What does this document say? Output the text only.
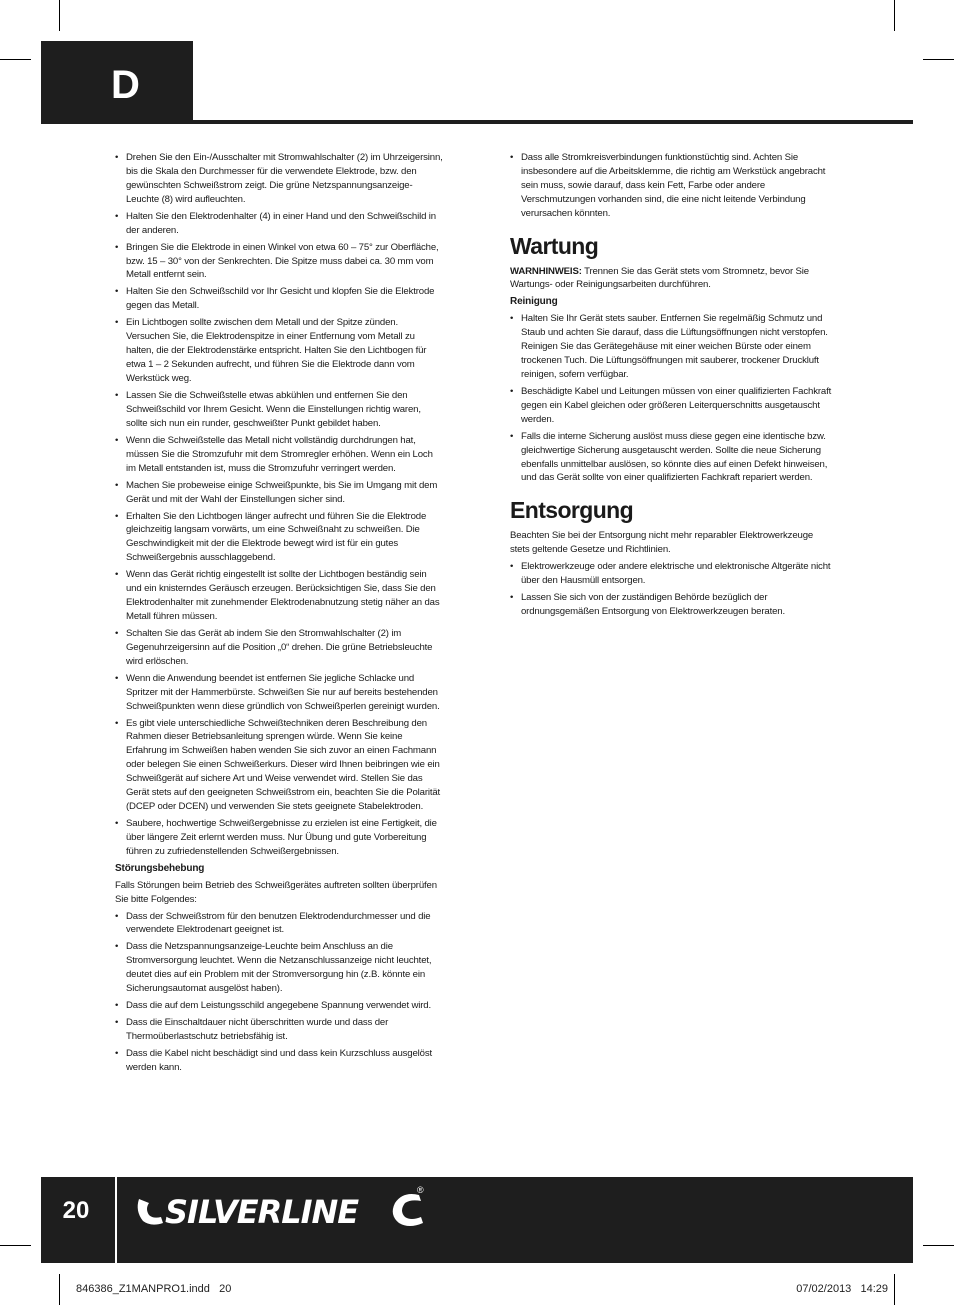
D
• Drehen Sie den Ein-/Ausschalter mit Stromwahlschalter (2) im Uhrzeigersinn, bis die Skala den Durchmesser für die verwendete Elektrode, bzw. den gewünschten Schweißstrom zeigt. Die grüne Netzspannungsanzeige-Leuchte (8) wird aufleuchten.
• Halten Sie den Elektrodenhalter (4) in einer Hand und den Schweißschild in der anderen.
• Bringen Sie die Elektrode in einen Winkel von etwa 60 – 75° zur Oberfläche, bzw. 15 – 30° von der Senkrechten. Die Spitze muss dabei ca. 30 mm vom Metall entfernt sein.
• Halten Sie den Schweißschild vor Ihr Gesicht und klopfen Sie die Elektrode gegen das Metall.
• Ein Lichtbogen sollte zwischen dem Metall und der Spitze zünden. Versuchen Sie, die Elektrodenspitze in einer Entfernung vom Metall zu halten, die der Elektrodenstärke entspricht. Halten Sie den Lichtbogen für etwa 1 – 2 Sekunden aufrecht, und führen Sie die Elektrode dann vom Werkstück weg.
• Lassen Sie die Schweißstelle etwas abkühlen und entfernen Sie den Schweißschild vor Ihrem Gesicht. Wenn die Einstellungen richtig waren, sollte sich nun ein runder, geschweißter Punkt gebildet haben.
• Wenn die Schweißstelle das Metall nicht vollständig durchdrungen hat, müssen Sie die Stromzufuhr mit dem Stromregler erhöhen. Wenn ein Loch im Metall entstanden ist, muss die Stromzufuhr verringert werden.
• Machen Sie probeweise einige Schweißpunkte, bis Sie im Umgang mit dem Gerät und mit der Wahl der Einstellungen sicher sind.
• Erhalten Sie den Lichtbogen länger aufrecht und führen Sie die Elektrode gleichzeitig langsam vorwärts, um eine Schweißnaht zu schweißen. Die Geschwindigkeit mit der die Elektrode bewegt wird ist für ein gutes Schweißergebnis ausschlaggebend.
• Wenn das Gerät richtig eingestellt ist sollte der Lichtbogen beständig sein und ein knisterndes Geräusch erzeugen. Berücksichtigen Sie, dass Sie den Elektrodenhalter mit zunehmender Elektrodenabnutzung stetig näher an das Metall führen müssen.
• Schalten Sie das Gerät ab indem Sie den Stromwahlschalter (2) im Gegenuhrzeigersinn auf die Position „0“ drehen. Die grüne Betriebsleuchte wird erlöschen.
• Wenn die Anwendung beendet ist entfernen Sie jegliche Schlacke und Spritzer mit der Hammerbürste. Schweißen Sie nur auf bereits bestehenden Schweißpunkten wenn diese gründlich von Schweißperlen gereinigt wurden.
• Es gibt viele unterschiedliche Schweißtechniken deren Beschreibung den Rahmen dieser Betriebsanleitung sprengen würde. Wenn Sie keine Erfahrung im Schweißen haben wenden Sie sich zuvor an einen Fachmann oder belegen Sie einen Schweißerkurs. Dieser wird Ihnen beibringen wie ein Schweißgerät auf sichere Art und Weise verwendet wird. Stellen Sie das Gerät stets auf den geeigneten Schweißstrom ein, beachten Sie die Polarität (DCEP oder DCEN) und verwenden Sie stets geeignete Stabelektroden.
• Saubere, hochwertige Schweißergebnisse zu erzielen ist eine Fertigkeit, die über längere Zeit erlernt werden muss. Nur Übung und gute Vorbereitung führen zu zufriedenstellenden Schweißergebnissen.
Störungsbehebung
Falls Störungen beim Betrieb des Schweißgerätes auftreten sollten überprüfen Sie bitte Folgendes:
• Dass der Schweißstrom für den benutzen Elektrodendurchmesser und die verwendete Elektrodenart geeignet ist.
• Dass die Netzspannungsanzeige-Leuchte beim Anschluss an die Stromversorgung leuchtet. Wenn die Netzanschlussanzeige nicht leuchtet, deutet dies auf ein Problem mit der Stromversorgung hin (z.B. könnte ein Sicherungsautomat ausgelöst haben).
• Dass die auf dem Leistungsschild angegebene Spannung verwendet wird.
• Dass die Einschaltdauer nicht überschritten wurde und dass der Thermoüberlastschutz betriebsfähig ist.
• Dass die Kabel nicht beschädigt sind und dass kein Kurzschluss ausgelöst werden kann.
• Dass alle Stromkreisverbindungen funktionstüchtig sind. Achten Sie insbesondere auf die Arbeitsklemme, die richtig am Werkstück angebracht sein muss, sowie darauf, dass kein Fett, Farbe oder andere Verschmutzungen vorhanden sind, die eine nicht leitende Verbindung verursachen könnten.
Wartung
WARNHINWEIS: Trennen Sie das Gerät stets vom Stromnetz, bevor Sie Wartungs- oder Reinigungsarbeiten durchführen.
Reinigung
• Halten Sie Ihr Gerät stets sauber. Entfernen Sie regelmäßig Schmutz und Staub und achten Sie darauf, dass die Lüftungsöffnungen nicht verstopfen. Reinigen Sie das Gerätegehäuse mit einer weichen Bürste oder einem trockenen Tuch. Die Lüftungsöffnungen mit sauberer, trockener Druckluft reinigen, sofern verfügbar.
• Beschädigte Kabel und Leitungen müssen von einer qualifizierten Fachkraft gegen ein Kabel gleichen oder größeren Leiterquerschnitts ausgetauscht werden.
• Falls die interne Sicherung auslöst muss diese gegen eine identische bzw. gleichwertige Sicherung ausgetauscht werden. Sollte die neue Sicherung ebenfalls unmittelbar auslösen, so könnte dies auf einen Defekt hinweisen, und das Gerät sollte von einer qualifizierten Fachkraft repariert werden.
Entsorgung
Beachten Sie bei der Entsorgung nicht mehr reparabler Elektrowerkzeuge stets geltende Gesetze und Richtlinien.
• Elektrowerkzeuge oder andere elektrische und elektronische Altgeräte nicht über den Hausmüll entsorgen.
• Lassen Sie sich von der zuständigen Behörde bezüglich der ordnungsgemäßen Entsorgung von Elektrowerkzeugen beraten.
20	SILVERLINE
®
846386_Z1MANPRO1.indd   20	07/02/2013   14:29
